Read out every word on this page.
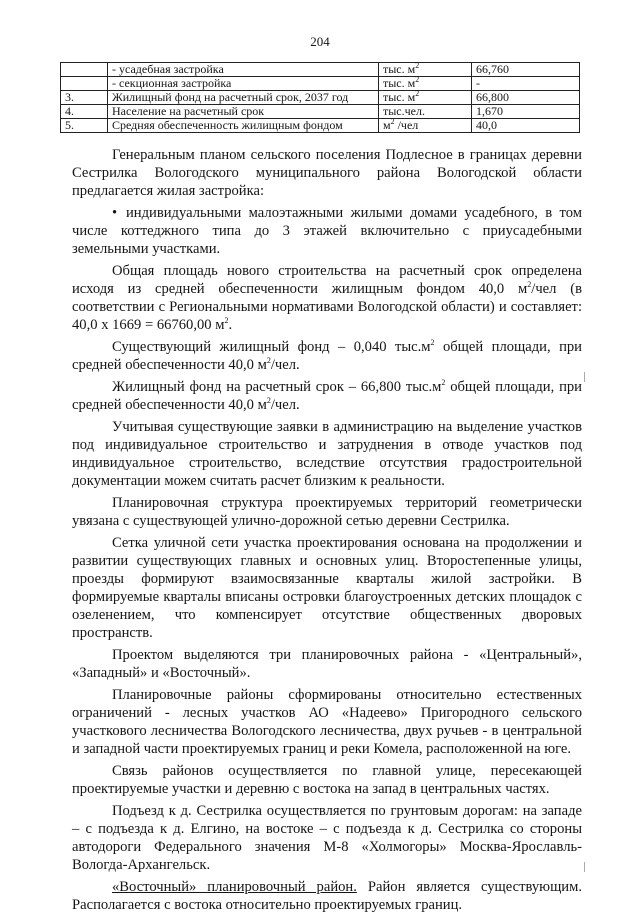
204
	- усадебная застройка	тыс. $м^2$	66,760
	- секционная застройка	тыс. $м^2$	-
3.	Жилищный фонд на расчетный срок, 2037 год	тыс. $м^2$	66,800
4.	Население на расчетный срок	тыс.чел.	1,670
5.	Средняя обеспеченность жилищным фондом	$м^2$ /чел	40,0

Генеральным планом сельского поселения Подлесное в границах деревни Сестрилка Вологодского муниципального района Вологодской области предлагается жилая застройка:

• индивидуальными малоэтажными жилыми домами усадебного, в том числе коттеджного типа до 3 этажей включительно с приусадебными земельными участками.

Общая площадь нового строительства на расчетный срок определена исходя из средней обеспеченности жилищным фондом 40,0 $м^2$/чел (в соответствии с Региональными нормативами Вологодской области) и составляет: 40,0 х 1669 = 66760,00 $м^2$.

Существующий жилищный фонд – 0,040 $тыс.м^2$ общей площади, при средней обеспеченности 40,0 $м^2$/чел.

Жилищный фонд на расчетный срок – 66,800 $тыс.м^2$ общей площади, при средней обеспеченности 40,0 $м^2$/чел.

Учитывая существующие заявки в администрацию на выделение участков под индивидуальное строительство и затруднения в отводе участков под индивидуальное строительство, вследствие отсутствия градостроительной документации можем считать расчет близким к реальности.

Планировочная структура проектируемых территорий геометрически увязана с существующей улично-дорожной сетью деревни Сестрилка.

Сетка уличной сети участка проектирования основана на продолжении и развитии существующих главных и основных улиц. Второстепенные улицы, проезды формируют взаимосвязанные кварталы жилой застройки. В формируемые кварталы вписаны островки благоустроенных детских площадок с озеленением, что компенсирует отсутствие общественных дворовых пространств.

Проектом выделяются три планировочных района - «Центральный», «Западный» и «Восточный».

Планировочные районы сформированы относительно естественных ограничений - лесных участков АО «Надеево» Пригородного сельского участкового лесничества Вологодского лесничества, двух ручьев - в центральной и западной части проектируемых границ и реки Комела, расположенной на юге.

Связь районов осуществляется по главной улице, пересекающей проектируемые участки и деревню с востока на запад в центральных частях.

Подъезд к д. Сестрилка осуществляется по грунтовым дорогам: на западе – с подъезда к д. Елгино, на востоке – с подъезда к д. Сестрилка со стороны автодороги Федерального значения М-8 «Холмогоры» Москва-Ярославль-Вологда-Архангельск.

«Восточный» планировочный район. Район является существующим. Располагается с востока относительно проектируемых границ.
